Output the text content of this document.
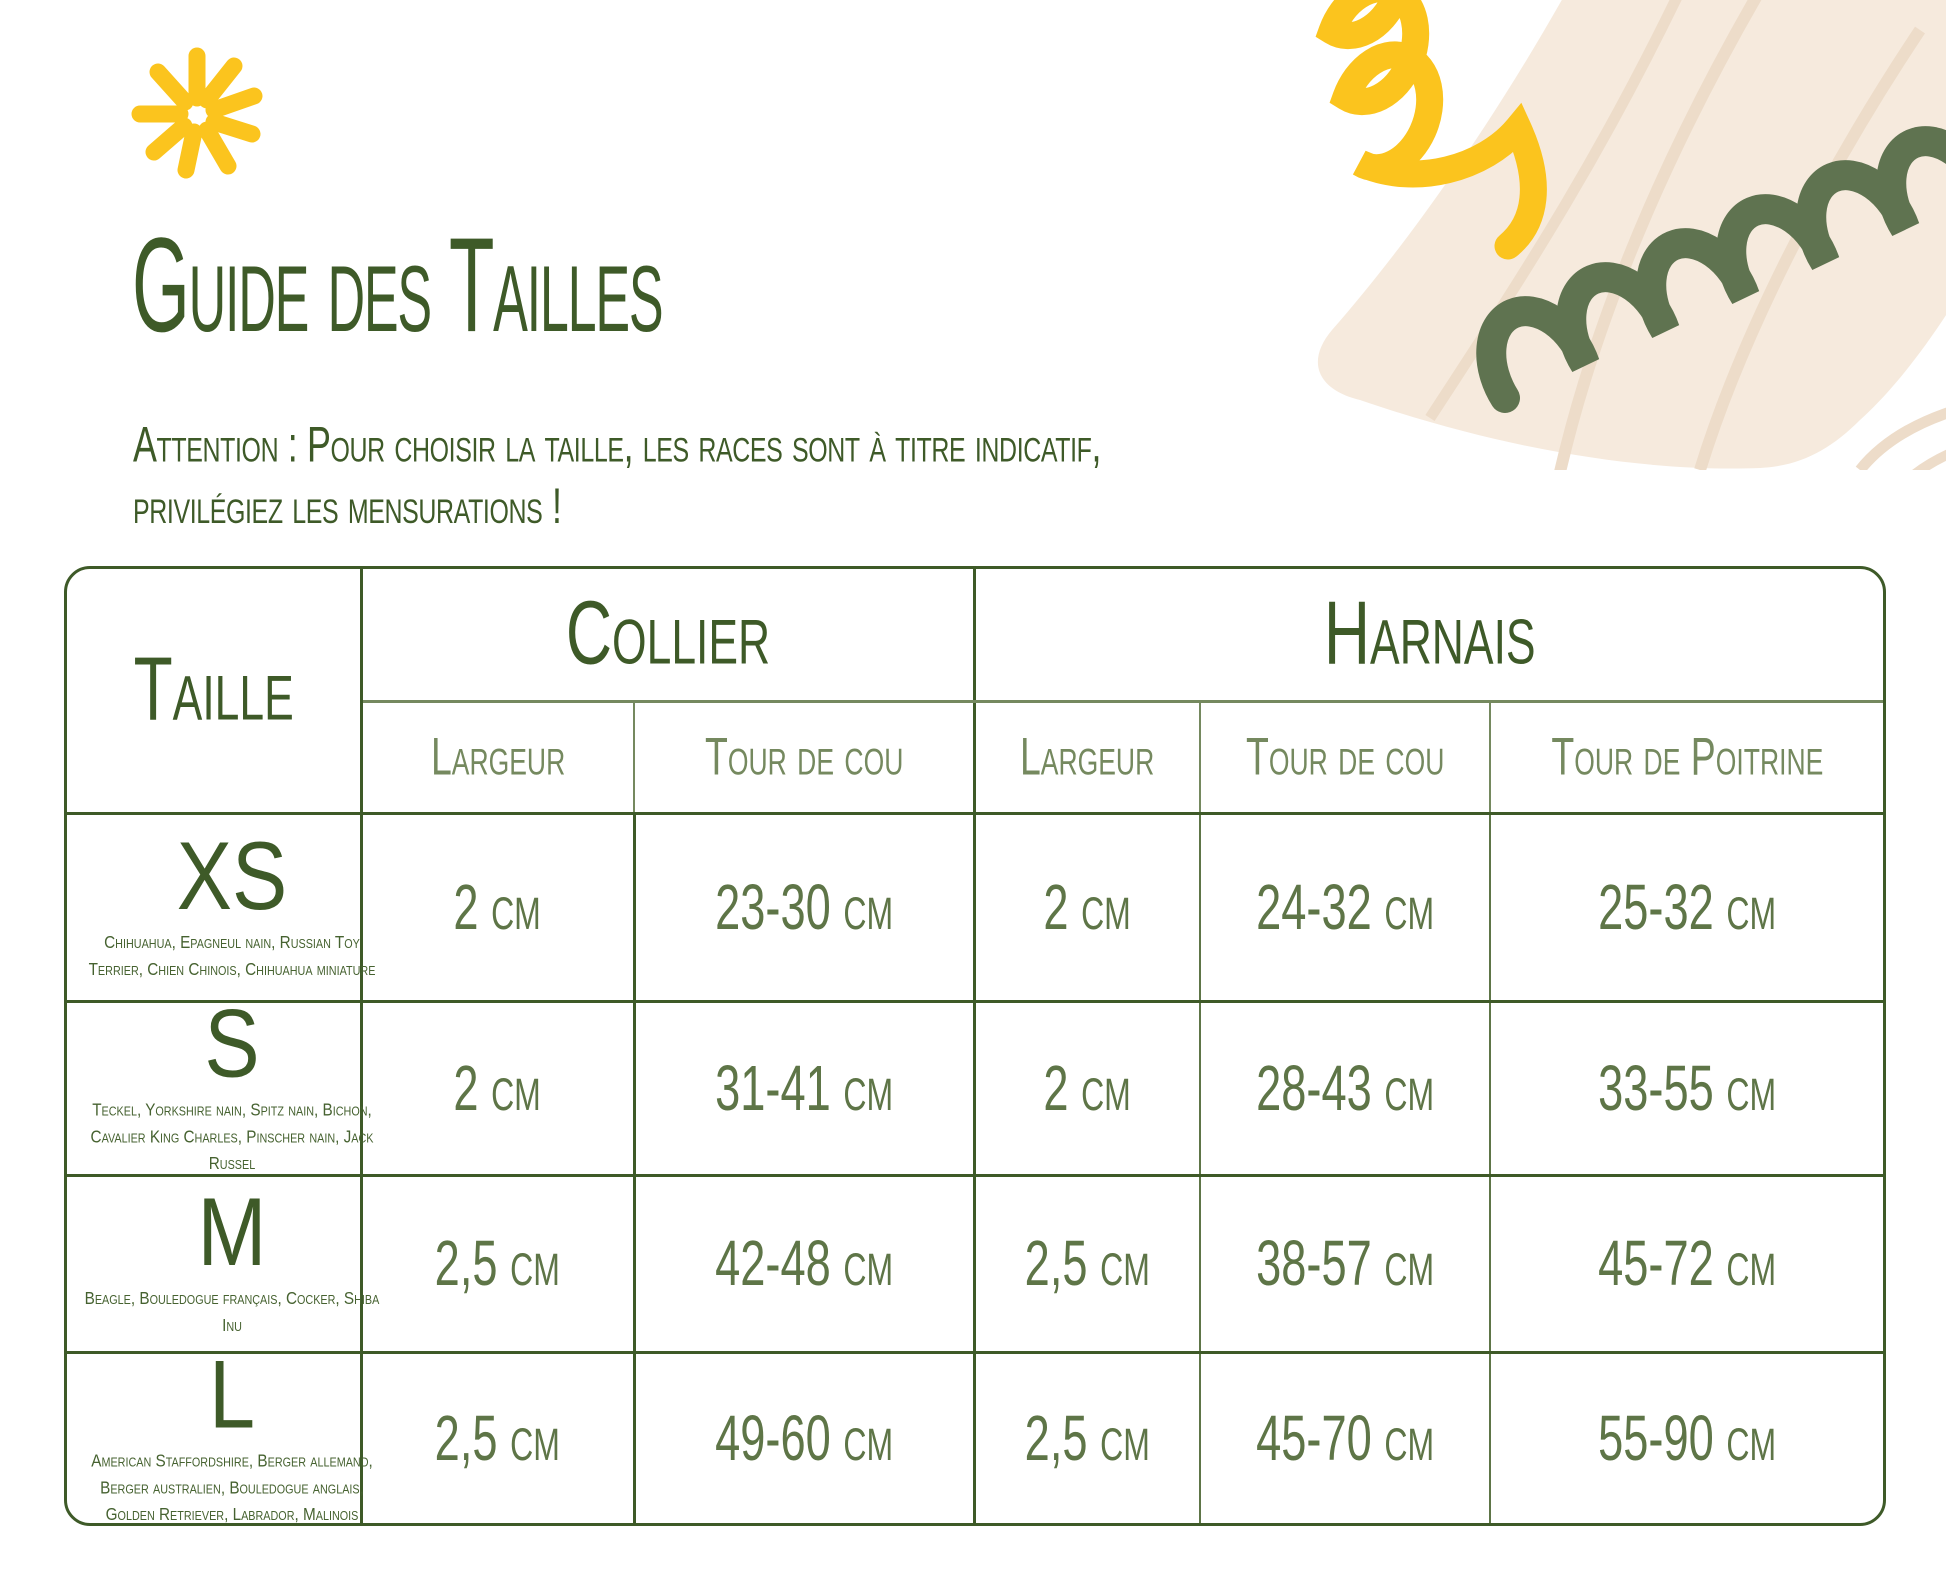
Guide des Tailles
Attention : Pour choisir la taille, les races sont à titre indicatif,
privilégiez les mensurations !
Taille	Collier		Harnais		
	Largeur	Tour de cou	Largeur	Tour de cou	Tour de Poitrine

XS
Chihuahua, Epagneul nain, Russian Toy Terrier, Chien Chinois, Chihuahua miniature	2 cm	23-30 cm	2 cm	24-32 cm	25-32 cm

S
Teckel, Yorkshire nain, Spitz nain, Bichon, Cavalier King Charles, Pinscher nain, Jack Russel	2 cm	31-41 cm	2 cm	28-43 cm	33-55 cm

M
Beagle, Bouledogue français, Cocker, Shiba Inu	2,5 cm	42-48 cm	2,5 cm	38-57 cm	45-72 cm

L
American Staffordshire, Berger allemand, Berger australien, Bouledogue anglais, Golden Retriever, Labrador, Malinois	2,5 cm	49-60 cm	2,5 cm	45-70 cm	55-90 cm
